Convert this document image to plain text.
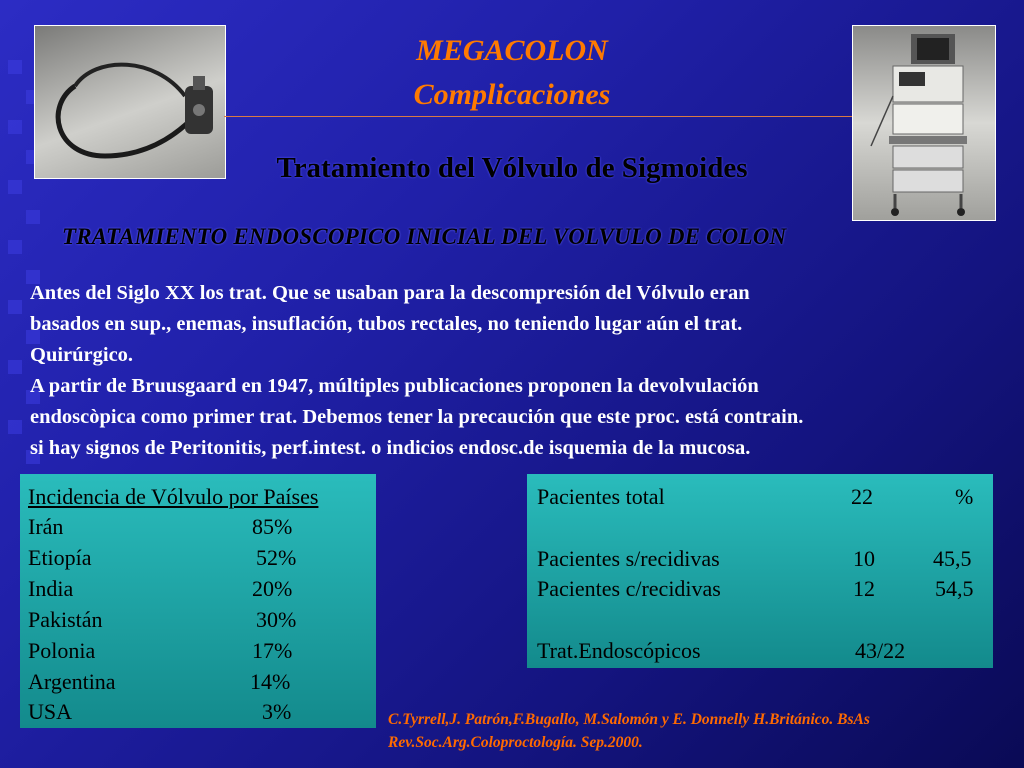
MEGACOLON
Complicaciones
Tratamiento del Vólvulo de Sigmoides
TRATAMIENTO ENDOSCOPICO INICIAL DEL VOLVULO DE COLON
Antes del Siglo XX los trat. Que se usaban para la descompresión del Vólvulo eran
basados en sup., enemas, insuflación, tubos rectales, no teniendo lugar aún el trat.
Quirúrgico.
A partir de Bruusgaard en 1947, múltiples publicaciones proponen la devolvulación
endoscòpica como primer trat. Debemos tener la precaución que este proc. está contrain.
si hay signos de Peritonitis, perf.intest. o indicios endosc.de isquemia de la mucosa.
Incidencia de Vólvulo por Países
Irán	85%
Etiopía	52%
India	20%
Pakistán	30%
Polonia	17%
Argentina	14%
USA	3%
Pacientes total	22	%
Pacientes s/recidivas	10	45,5
Pacientes c/recidivas	12	54,5
Trat.Endoscópicos	43/22
C.Tyrrell,J. Patrón,F.Bugallo, M.Salomón y E. Donnelly H.Británico. BsAs
Rev.Soc.Arg.Coloproctología. Sep.2000.
